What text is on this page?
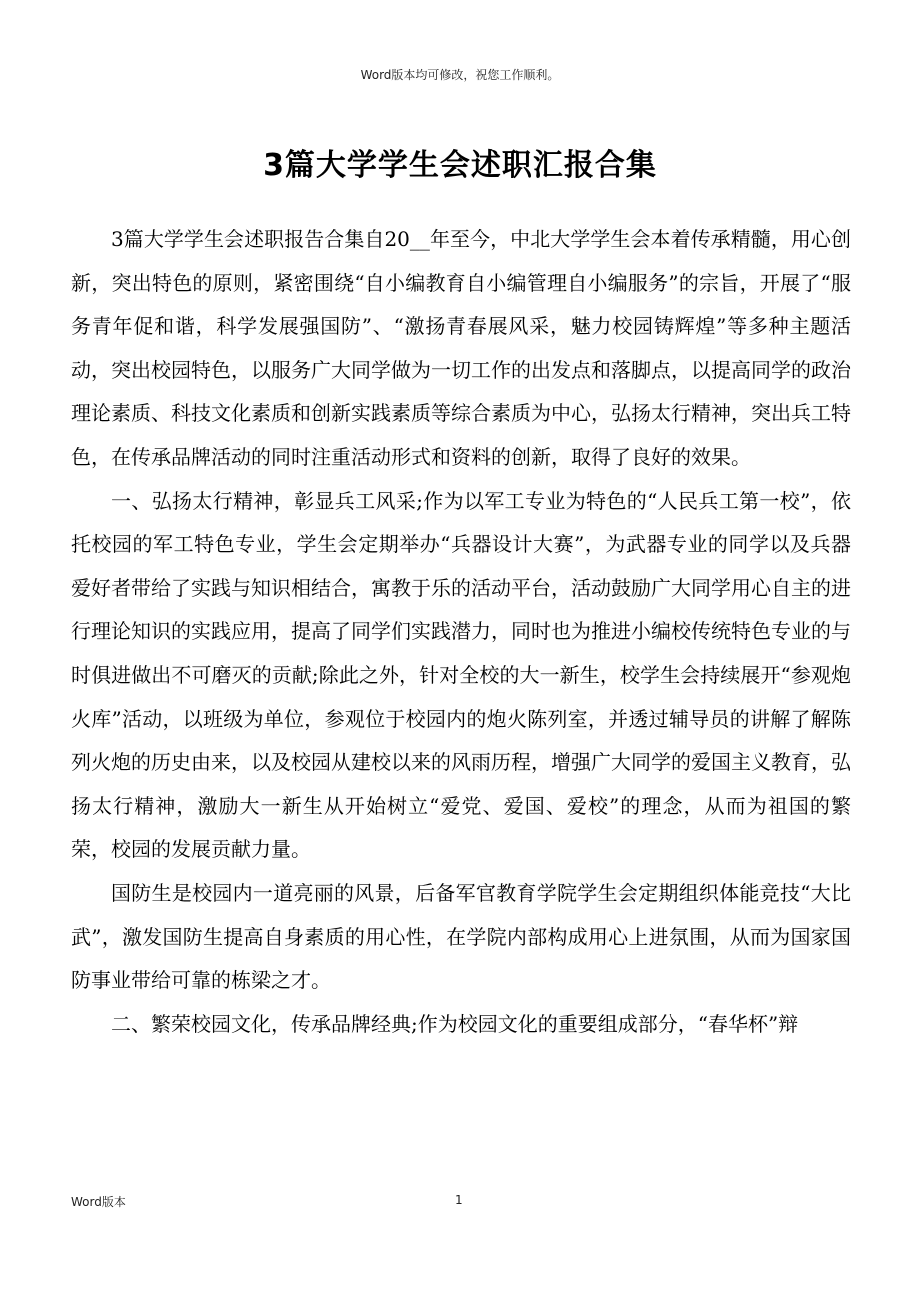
Word版本均可修改，祝您工作顺利。
3篇大学学生会述职汇报合集

3篇大学学生会述职报告合集自20__年至今，中北大学学生会本着传承精髓，用心创新，突出特色的原则，紧密围绕“自小编教育自小编管理自小编服务”的宗旨，开展了“服务青年促和谐，科学发展强国防”、“激扬青春展风采，魅力校园铸辉煌”等多种主题活动，突出校园特色，以服务广大同学做为一切工作的出发点和落脚点，以提高同学的政治理论素质、科技文化素质和创新实践素质等综合素质为中心，弘扬太行精神，突出兵工特色，在传承品牌活动的同时注重活动形式和资料的创新，取得了良好的效果。

一、弘扬太行精神，彰显兵工风采;作为以军工专业为特色的“人民兵工第一校”，依托校园的军工特色专业，学生会定期举办“兵器设计大赛”，为武器专业的同学以及兵器爱好者带给了实践与知识相结合，寓教于乐的活动平台，活动鼓励广大同学用心自主的进行理论知识的实践应用，提高了同学们实践潜力，同时也为推进小编校传统特色专业的与时俱进做出不可磨灭的贡献;除此之外，针对全校的大一新生，校学生会持续展开“参观炮火库”活动，以班级为单位，参观位于校园内的炮火陈列室，并透过辅导员的讲解了解陈列火炮的历史由来，以及校园从建校以来的风雨历程，增强广大同学的爱国主义教育，弘扬太行精神，激励大一新生从开始树立“爱党、爱国、爱校”的理念，从而为祖国的繁荣，校园的发展贡献力量。

国防生是校园内一道亮丽的风景，后备军官教育学院学生会定期组织体能竞技“大比武”，激发国防生提高自身素质的用心性，在学院内部构成用心上进氛围，从而为国家国防事业带给可靠的栋梁之才。

二、繁荣校园文化，传承品牌经典;作为校园文化的重要组成部分，“春华杯”辩

Word版本	1
